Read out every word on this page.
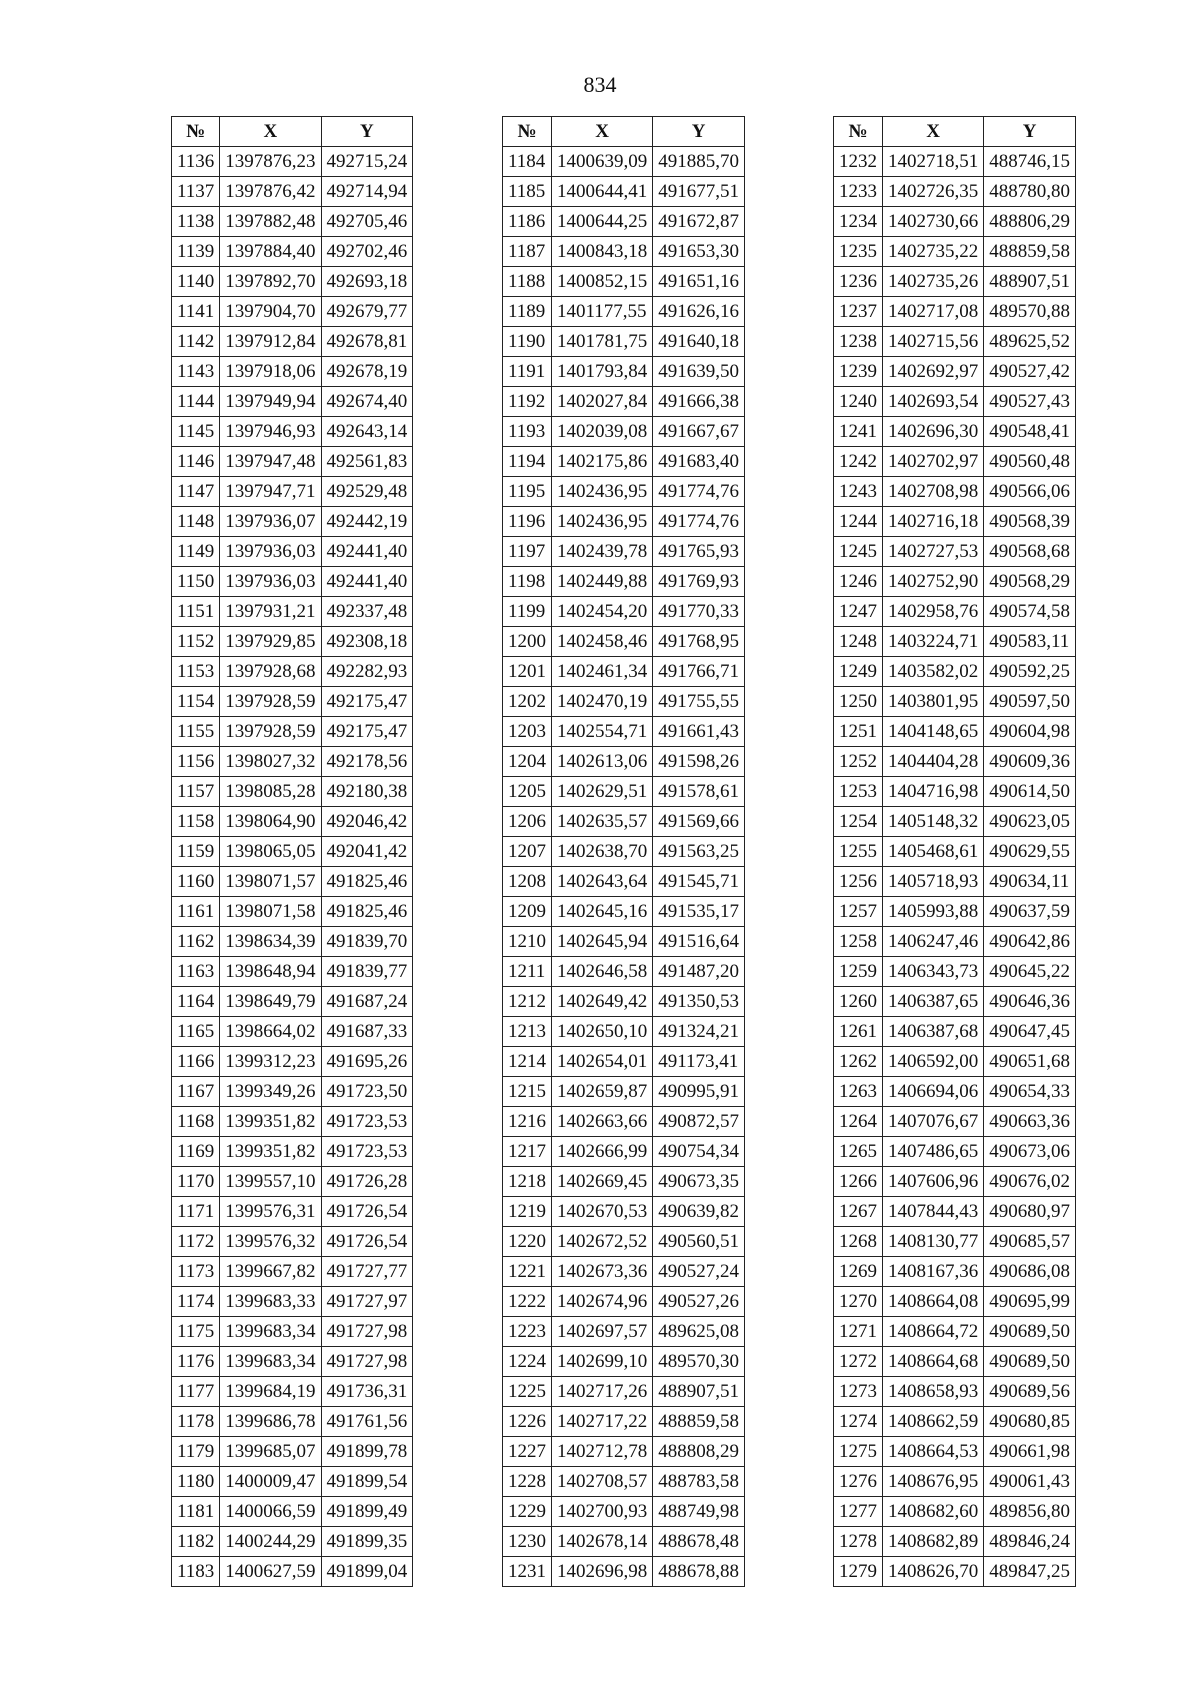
834
№	X	Y
1136	1397876,23	492715,24
1137	1397876,42	492714,94
1138	1397882,48	492705,46
1139	1397884,40	492702,46
1140	1397892,70	492693,18
1141	1397904,70	492679,77
1142	1397912,84	492678,81
1143	1397918,06	492678,19
1144	1397949,94	492674,40
1145	1397946,93	492643,14
1146	1397947,48	492561,83
1147	1397947,71	492529,48
1148	1397936,07	492442,19
1149	1397936,03	492441,40
1150	1397936,03	492441,40
1151	1397931,21	492337,48
1152	1397929,85	492308,18
1153	1397928,68	492282,93
1154	1397928,59	492175,47
1155	1397928,59	492175,47
1156	1398027,32	492178,56
1157	1398085,28	492180,38
1158	1398064,90	492046,42
1159	1398065,05	492041,42
1160	1398071,57	491825,46
1161	1398071,58	491825,46
1162	1398634,39	491839,70
1163	1398648,94	491839,77
1164	1398649,79	491687,24
1165	1398664,02	491687,33
1166	1399312,23	491695,26
1167	1399349,26	491723,50
1168	1399351,82	491723,53
1169	1399351,82	491723,53
1170	1399557,10	491726,28
1171	1399576,31	491726,54
1172	1399576,32	491726,54
1173	1399667,82	491727,77
1174	1399683,33	491727,97
1175	1399683,34	491727,98
1176	1399683,34	491727,98
1177	1399684,19	491736,31
1178	1399686,78	491761,56
1179	1399685,07	491899,78
1180	1400009,47	491899,54
1181	1400066,59	491899,49
1182	1400244,29	491899,35
1183	1400627,59	491899,04
№	X	Y
1184	1400639,09	491885,70
1185	1400644,41	491677,51
1186	1400644,25	491672,87
1187	1400843,18	491653,30
1188	1400852,15	491651,16
1189	1401177,55	491626,16
1190	1401781,75	491640,18
1191	1401793,84	491639,50
1192	1402027,84	491666,38
1193	1402039,08	491667,67
1194	1402175,86	491683,40
1195	1402436,95	491774,76
1196	1402436,95	491774,76
1197	1402439,78	491765,93
1198	1402449,88	491769,93
1199	1402454,20	491770,33
1200	1402458,46	491768,95
1201	1402461,34	491766,71
1202	1402470,19	491755,55
1203	1402554,71	491661,43
1204	1402613,06	491598,26
1205	1402629,51	491578,61
1206	1402635,57	491569,66
1207	1402638,70	491563,25
1208	1402643,64	491545,71
1209	1402645,16	491535,17
1210	1402645,94	491516,64
1211	1402646,58	491487,20
1212	1402649,42	491350,53
1213	1402650,10	491324,21
1214	1402654,01	491173,41
1215	1402659,87	490995,91
1216	1402663,66	490872,57
1217	1402666,99	490754,34
1218	1402669,45	490673,35
1219	1402670,53	490639,82
1220	1402672,52	490560,51
1221	1402673,36	490527,24
1222	1402674,96	490527,26
1223	1402697,57	489625,08
1224	1402699,10	489570,30
1225	1402717,26	488907,51
1226	1402717,22	488859,58
1227	1402712,78	488808,29
1228	1402708,57	488783,58
1229	1402700,93	488749,98
1230	1402678,14	488678,48
1231	1402696,98	488678,88
№	X	Y
1232	1402718,51	488746,15
1233	1402726,35	488780,80
1234	1402730,66	488806,29
1235	1402735,22	488859,58
1236	1402735,26	488907,51
1237	1402717,08	489570,88
1238	1402715,56	489625,52
1239	1402692,97	490527,42
1240	1402693,54	490527,43
1241	1402696,30	490548,41
1242	1402702,97	490560,48
1243	1402708,98	490566,06
1244	1402716,18	490568,39
1245	1402727,53	490568,68
1246	1402752,90	490568,29
1247	1402958,76	490574,58
1248	1403224,71	490583,11
1249	1403582,02	490592,25
1250	1403801,95	490597,50
1251	1404148,65	490604,98
1252	1404404,28	490609,36
1253	1404716,98	490614,50
1254	1405148,32	490623,05
1255	1405468,61	490629,55
1256	1405718,93	490634,11
1257	1405993,88	490637,59
1258	1406247,46	490642,86
1259	1406343,73	490645,22
1260	1406387,65	490646,36
1261	1406387,68	490647,45
1262	1406592,00	490651,68
1263	1406694,06	490654,33
1264	1407076,67	490663,36
1265	1407486,65	490673,06
1266	1407606,96	490676,02
1267	1407844,43	490680,97
1268	1408130,77	490685,57
1269	1408167,36	490686,08
1270	1408664,08	490695,99
1271	1408664,72	490689,50
1272	1408664,68	490689,50
1273	1408658,93	490689,56
1274	1408662,59	490680,85
1275	1408664,53	490661,98
1276	1408676,95	490061,43
1277	1408682,60	489856,80
1278	1408682,89	489846,24
1279	1408626,70	489847,25
